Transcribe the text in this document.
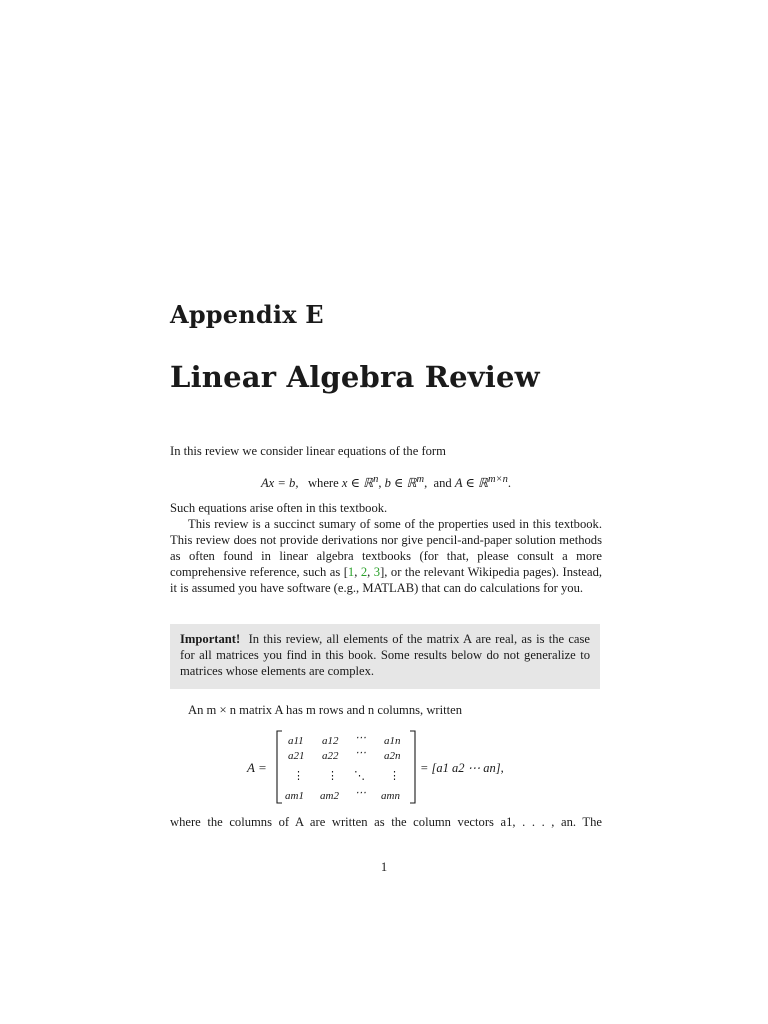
Appendix E
Linear Algebra Review
In this review we consider linear equations of the form
Ax = b, where x ∈ ℝ$^n$, b ∈ ℝ$^m$,  and A ∈ ℝ$^{m\times n}$.

Such equations arise often in this textbook.

This review is a succinct sumary of some of the properties used in this textbook. This review does not provide derivations nor give pencil-and-paper solution methods as often found in linear algebra textbooks (for that, please consult a more comprehensive reference, such as [1, 2, 3], or the relevant Wikipedia pages). Instead, it is assumed you have software (e.g., MATLAB) that can do calculations for you.

Important! In this review, all elements of the matrix A are real, as is the case for all matrices you find in this book. Some results below do not generalize to matrices whose elements are complex.

An m × n matrix A has m rows and n columns, written
A =
a11 a12 ⋯ a1n
a21 a22 ⋯ a2n
⋮ ⋮ ⋱ ⋮
am1 am2 ⋯ amn
= [a1 a2 ⋯ an],

where the columns of A are written as the column vectors a1, . . . , an. The

1
